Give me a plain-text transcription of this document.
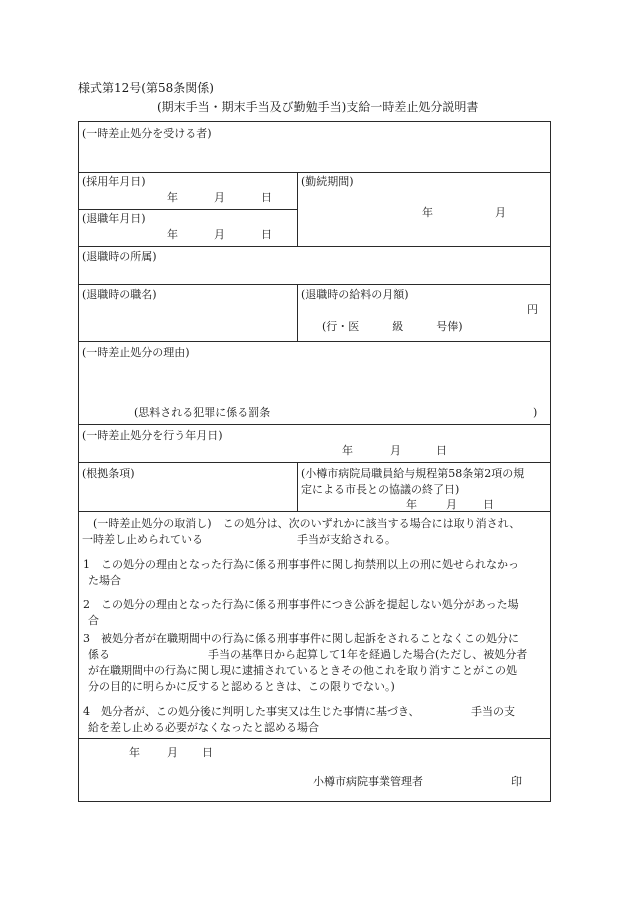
様式第12号(第58条関係)
(期末手当・期末手当及び勤勉手当)支給一時差止処分説明書
(一時差止処分を受ける者)
(採用年月日)
年	月	日
(勤続期間)
年	月
(退職年月日)
年	月	日
(退職時の所属)
(退職時の職名)	(退職時の給料の月額)
円
(行・医　　　級　　　号俸)
(一時差止処分の理由)
(思料される犯罪に係る罰条	)
(一時差止処分を行う年月日)
年	月	日
(根拠条項)	(小樽市病院局職員給与規程第58条第2項の規
定による市長との協議の終了日)
年	月 日
(一時差止処分の取消し)　この処分は、次のいずれかに該当する場合には取り消され、
一時差し止められている	手当が支給される。
1 この処分の理由となった行為に係る刑事事件に関し拘禁刑以上の刑に処せられなかっ
た場合
2 この処分の理由となった行為に係る刑事事件につき公訴を提起しない処分があった場
合
3 被処分者が在職期間中の行為に係る刑事事件に関し起訴をされることなくこの処分に
係る	手当の基準日から起算して1年を経過した場合(ただし、被処分者
が在職期間中の行為に関し現に逮捕されているときその他これを取り消すことがこの処
分の目的に明らかに反すると認めるときは、この限りでない。)
4 処分者が、この処分後に判明した事実又は生じた事情に基づき、	手当の支
給を差し止める必要がなくなったと認める場合
年 月 日
小樽市病院事業管理者	印
